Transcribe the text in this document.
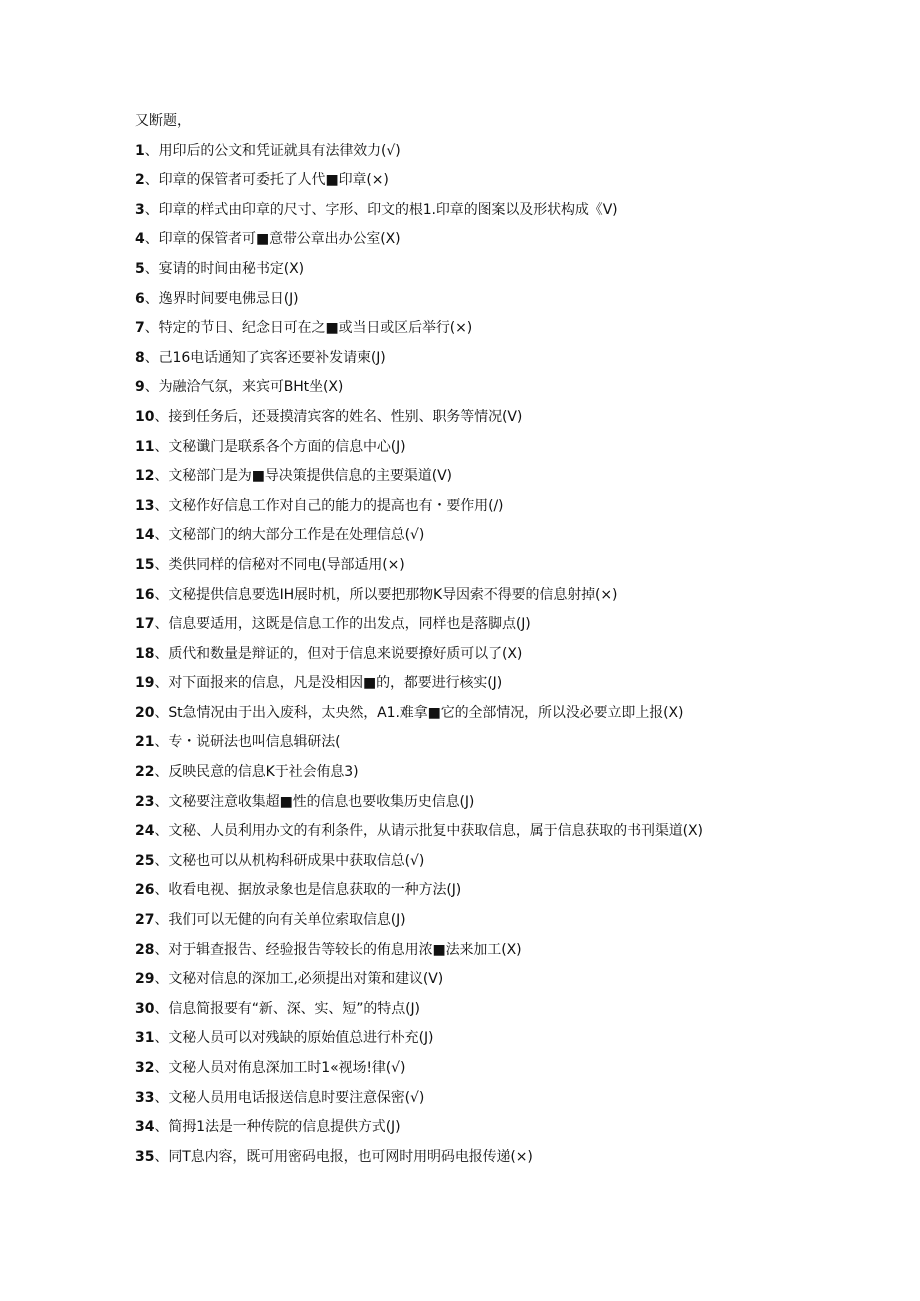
又断题，
1、用印后的公文和凭证就具有法律效力(√)
2、印章的保管者可委托了人代■印章(×)
3、印章的样式由印章的尺寸、字形、印文的根1.印章的图案以及形状构成《V)
4、印章的保管者可■意带公章出办公室(X)
5、宴请的时间由秘书定(X)
6、逸界时间要电佛忌日(J)
7、特定的节日、纪念日可在之■或当日或区后举行(×)
8、己16电话通知了宾客还要补发请柬(J)
9、为融洽气氛，来宾可BHt坐(X)
10、接到任务后，还聂摸清宾客的姓名、性别、职务等情况(V)
11、文秘谶门是联系各个方面的信息中心(J)
12、文秘部门是为■导决策提供信息的主要渠道(V)
13、文秘作好信息工作对自己的能力的提高也有・要作用(/)
14、文秘部门的纳大部分工作是在处理信总(√)
15、类供同样的信秘对不同电(导部适用(×)
16、文秘提供信息要选IH展时机，所以要把那物K导因索不得要的信息射掉(×)
17、信息要适用，这既是信息工作的出发点，同样也是落脚点(J)
18、质代和数量是辩证的，但对于信息来说要撩好质可以了(X)
19、对下面报来的信息，凡是没相因■的，都要进行核实(J)
20、St急情况由于出入废科，太央然，A1.难拿■它的全部情况，所以没必要立即上报(X)
21、专・说研法也叫信息辑研法(
22、反映民意的信息K于社会侑息3)
23、文秘要注意收集超■性的信息也要收集历史信息(J)
24、文秘、人员利用办文的有利条件，从请示批复中获取信息，属于信息获取的书刊渠道(X)
25、文秘也可以从机构科研成果中获取信总(√)
26、收看电视、据放录象也是信息获取的一种方法(J)
27、我们可以无健的向有关单位索取信息(J)
28、对于辑查报告、经验报告等较长的侑息用浓■法来加工(X)
29、文秘对信息的深加工,必须提出对策和建议(V)
30、信息简报要有“新、深、实、短”的特点(J)
31、文秘人员可以对残缺的原始值总进行朴充(J)
32、文秘人员对侑息深加工时1«视场!律(√)
33、文秘人员用电话报送信息时要注意保密(√)
34、简拇1法是一种传院的信息提供方式(J)
35、同T息内容，既可用密码电报，也可网时用明码电报传递(×)
